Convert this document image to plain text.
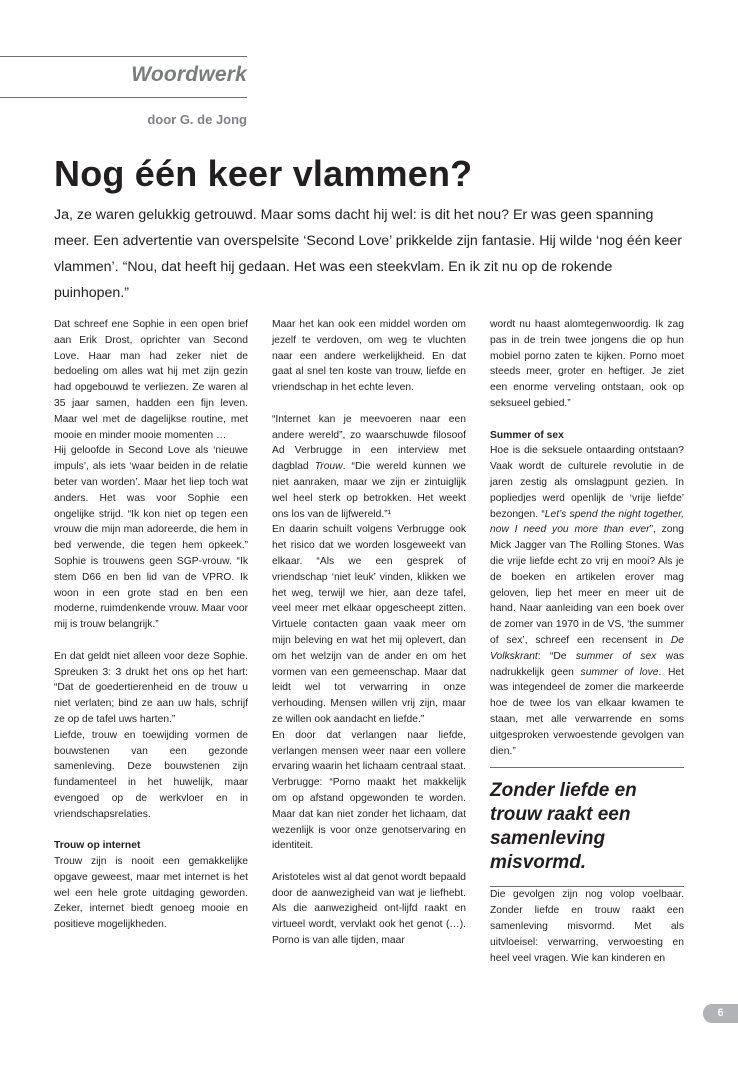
Woordwerk
door G. de Jong
Nog één keer vlammen?

Ja, ze waren gelukkig getrouwd. Maar soms dacht hij wel: is dit het nou? Er was geen spanning meer. Een advertentie van overspelsite ‘Second Love’ prikkelde zijn fantasie. Hij wilde ‘nog één keer vlammen’. “Nou, dat heeft hij gedaan. Het was een steekvlam. En ik zit nu op de rokende puinhopen.”

Dat schreef ene Sophie in een open brief aan Erik Drost, oprichter van Second Love. Haar man had zeker niet de bedoeling om alles wat hij met zijn gezin had opgebouwd te verliezen. Ze waren al 35 jaar samen, hadden een fijn leven. Maar wel met de dagelijkse routine, met mooie en minder mooie momenten …

Hij geloofde in Second Love als ‘nieuwe impuls’, als iets ‘waar beiden in de relatie beter van worden’. Maar het liep toch wat anders. Het was voor Sophie een ongelijke strijd. “Ik kon niet op tegen een vrouw die mijn man adoreerde, die hem in bed verwende, die tegen hem opkeek.” Sophie is trouwens geen SGP-vrouw. “Ik stem D66 en ben lid van de VPRO. Ik woon in een grote stad en ben een moderne, ruimdenkende vrouw. Maar voor mij is trouw belangrijk.”

En dat geldt niet alleen voor deze Sophie. Spreuken 3: 3 drukt het ons op het hart: “Dat de goedertierenheid en de trouw u niet verlaten; bind ze aan uw hals, schrijf ze op de tafel uws harten.”

Liefde, trouw en toewijding vormen de bouwstenen van een gezonde samenleving. Deze bouwstenen zijn fundamenteel in het huwelijk, maar evengoed op de werkvloer en in vriendschapsrelaties.

Trouw op internet

Trouw zijn is nooit een gemakkelijke opgave geweest, maar met internet is het wel een hele grote uitdaging geworden. Zeker, internet biedt genoeg mooie en positieve mogelijkheden.

Maar het kan ook een middel worden om jezelf te verdoven, om weg te vluchten naar een andere werkelijkheid. En dat gaat al snel ten koste van trouw, liefde en vriendschap in het echte leven.

“Internet kan je meevoeren naar een andere wereld”, zo waarschuwde filosoof Ad Verbrugge in een interview met dagblad Trouw. “Die wereld kunnen we niet aanraken, maar we zijn er zintuiglijk wel heel sterk op betrokken. Het weekt ons los van de lijfwereld.”¹

En daarin schuilt volgens Verbrugge ook het risico dat we worden losgeweekt van elkaar. “Als we een gesprek of vriendschap ‘niet leuk’ vinden, klikken we het weg, terwijl we hier, aan deze tafel, veel meer met elkaar opgescheept zitten. Virtuele contacten gaan vaak meer om mijn beleving en wat het mij oplevert, dan om het welzijn van de ander en om het vormen van een gemeenschap. Maar dat leidt wel tot verwarring in onze verhouding. Mensen willen vrij zijn, maar ze willen ook aandacht en liefde.”

En door dat verlangen naar liefde, verlangen mensen weer naar een vollere ervaring waarin het lichaam centraal staat. Verbrugge: “Porno maakt het makkelijk om op afstand opgewonden te worden. Maar dat kan niet zonder het lichaam, dat wezenlijk is voor onze genotservaring en identiteit.

Aristoteles wist al dat genot wordt bepaald door de aanwezigheid van wat je liefhebt. Als die aanwezigheid ont-lijfd raakt en virtueel wordt, vervlakt ook het genot (…). Porno is van alle tijden, maar

wordt nu haast alomtegenwoordig. Ik zag pas in de trein twee jongens die op hun mobiel porno zaten te kijken. Porno moet steeds meer, groter en heftiger. Je ziet een enorme verveling ontstaan, ook op seksueel gebied.”

Summer of sex

Hoe is die seksuele ontaarding ontstaan? Vaak wordt de culturele revolutie in de jaren zestig als omslagpunt gezien. In popliedjes werd openlijk de ‘vrije liefde’ bezongen. “Let’s spend the night together, now I need you more than ever”, zong Mick Jagger van The Rolling Stones. Was die vrije liefde echt zo vrij en mooi? Als je de boeken en artikelen erover mag geloven, liep het meer en meer uit de hand. Naar aanleiding van een boek over de zomer van 1970 in de VS, ‘the summer of sex’, schreef een recensent in De Volkskrant: “De summer of sex was nadrukkelijk geen summer of love. Het was integendeel de zomer die markeerde hoe de twee los van elkaar kwamen te staan, met alle verwarrende en soms uitgesproken verwoestende gevolgen van dien.”

Zonder liefde en trouw raakt een samenleving misvormd.

Die gevolgen zijn nog volop voelbaar. Zonder liefde en trouw raakt een samenleving misvormd. Met als uitvloeisel: verwarring, verwoesting en heel veel vragen. Wie kan kinderen en

6
